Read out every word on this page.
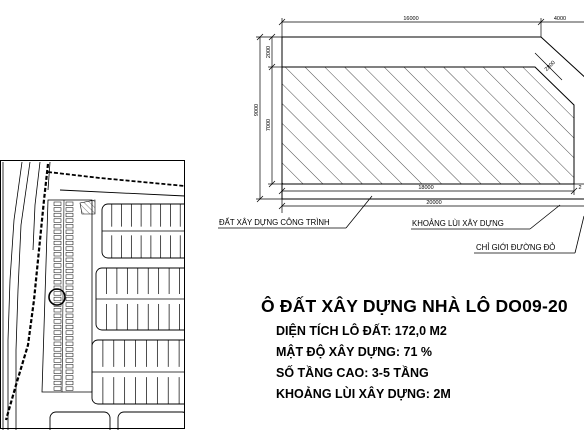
16000	4000
9000
2000
7000
2800
18000
20000
2
ĐẤT XÂY DỰNG CÔNG TRÌNH	KHOẢNG LÙI XÂY DỰNG
CHỈ GIỚI ĐƯỜNG ĐỎ
Ô ĐẤT XÂY DỰNG NHÀ LÔ DO09-20
DIỆN TÍCH LÔ ĐẤT: 172,0 M2
MẬT ĐỘ XÂY DỰNG: 71 %
SỐ TẦNG CAO: 3-5 TẦNG
KHOẢNG LÙI XÂY DỰNG: 2M
